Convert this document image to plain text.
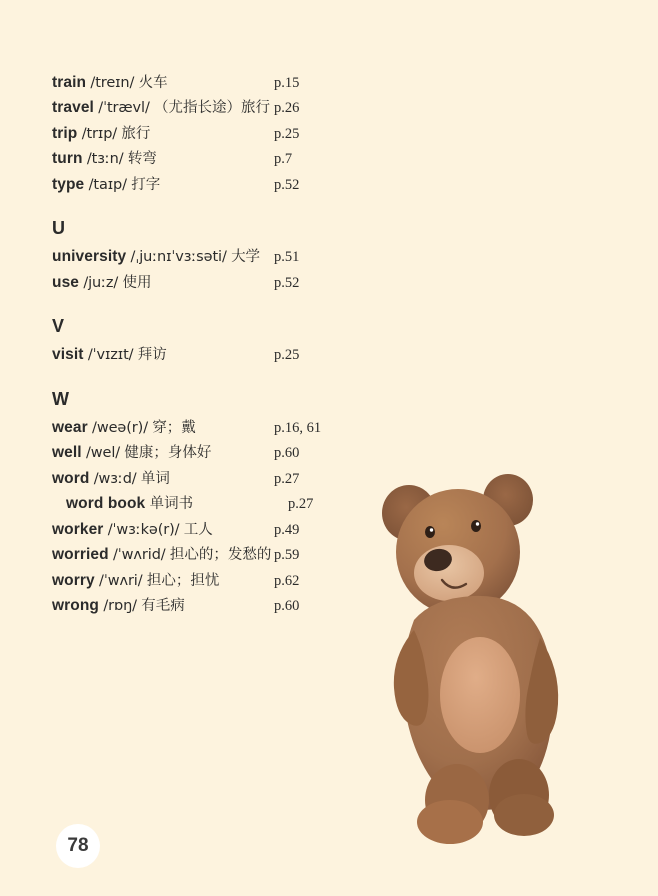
train /treɪn/ 火车	p.15
travel /ˈtrævl/ （尤指长途）旅行 p.26
trip /trɪp/ 旅行	p.25
turn /tɜːn/ 转弯	p.7
type /taɪp/ 打字	p.52
U
university /ˌjuːnɪˈvɜːsəti/ 大学 p.51
use /juːz/ 使用	p.52
V
visit /ˈvɪzɪt/ 拜访	p.25
W
wear /weə(r)/ 穿；戴	p.16, 61
well /wel/ 健康；身体好	p.60
word /wɜːd/ 单词	p.27
word book 单词书	p.27
worker /ˈwɜːkə(r)/ 工人	p.49
worried /ˈwʌrid/ 担心的；发愁的 p.59
worry /ˈwʌri/ 担心；担忧	p.62
wrong /rɒŋ/ 有毛病	p.60
78
